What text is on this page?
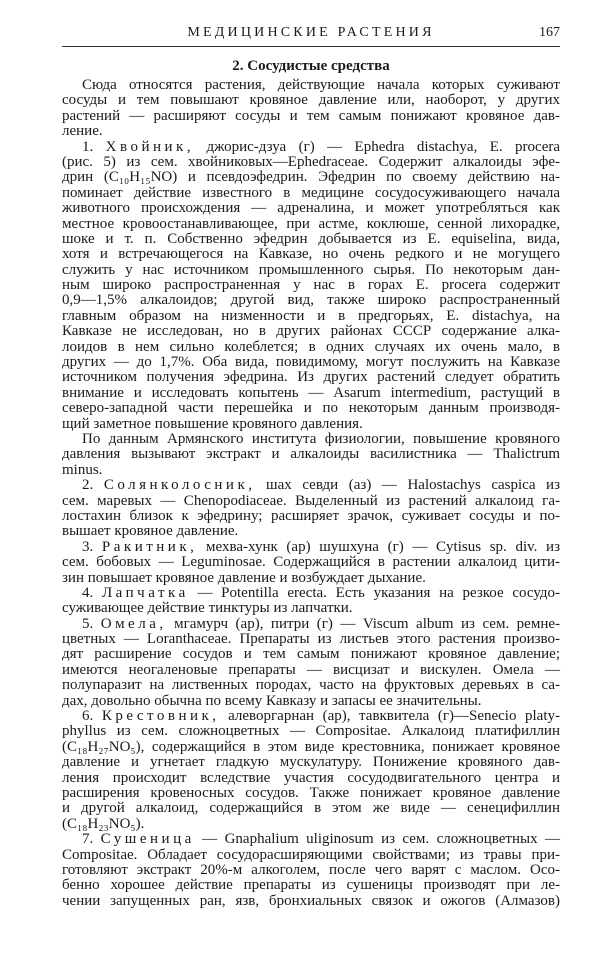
МЕДИЦИНСКИЕ РАСТЕНИЯ	167
2. Сосудистые средства
Сюда относятся растения, действующие начала которых суживают
сосуды и тем повышают кровяное давление или, наоборот, у других
растений — расширяют сосуды и тем самым понижают кровяное дав-
ление.
1. Хвойник, джорис-дзуа (г) — Ephedra distachya, E. procera
(рис. 5) из сем. хвойниковых—Ephedraceae. Содержит алкалоиды эфе-
дрин (C₁₀H₁₅NO) и псевдоэфедрин. Эфедрин по своему действию на-
поминает действие известного в медицине сосудосуживающего начала
животного происхождения — адреналина, и может употребляться как
местное кровоостанавливающее, при астме, коклюше, сенной лихорадке,
шоке и т. п. Собственно эфедрин добывается из E. equiselina, вида,
хотя и встречающегося на Кавказе, но очень редкого и не могущего
служить у нас источником промышленного сырья. По некоторым дан-
ным широко распространенная у нас в горах E. procera содержит
0,9—1,5% алкалоидов; другой вид, также широко распространенный
главным образом на низменности и в предгорьях, E. distachya, на
Кавказе не исследован, но в других районах СССР содержание алка-
лоидов в нем сильно колеблется; в одних случаях их очень мало, в
других — до 1,7%. Оба вида, повидимому, могут послужить на Кавказе
источником получения эфедрина. Из других растений следует обратить
внимание и исследовать копытень — Asarum intermedium, растущий в
северо-западной части перешейка и по некоторым данным производя-
щий заметное повышение кровяного давления.
По данным Армянского института физиологии, повышение кровяного
давления вызывают экстракт и алкалоиды василистника — Thalictrum
minus.
2. Солянколосник, шах севди (аз) — Halostachys caspica из
сем. маревых — Chenopodiaceae. Выделенный из растений алкалоид га-
лостахин близок к эфедрину; расширяет зрачок, суживает сосуды и по-
вышает кровяное давление.
3. Ракитник, мехва-хунк (ар) шушхуна (г) — Cytisus sp. div. из
сем. бобовых — Leguminosae. Содержащийся в растении алкалоид цити-
зин повышает кровяное давление и возбуждает дыхание.
4. Лапчатка — Potentilla erecta. Есть указания на резкое сосудо-
суживающее действие тинктуры из лапчатки.
5. Омела, мгамурч (ар), питри (г) — Viscum album из сем. ремне-
цветных — Loranthaceae. Препараты из листьев этого растения произво-
дят расширение сосудов и тем самым понижают кровяное давление;
имеются неогаленовые препараты — висцизат и вискулен. Омела —
полупаразит на лиственных породах, часто на фруктовых деревьях в са-
дах, довольно обычна по всему Кавказу и запасы ее значительны.
6. Крестовник, алеворгарнан (ар), тавквитела (г)—Senecio platy-
phyllus из сем. сложноцветных — Compositae. Алкалоид платифиллин
(C₁₈H₂₇NO₅), содержащийся в этом виде крестовника, понижает кровяное
давление и угнетает гладкую мускулатуру. Понижение кровяного дав-
ления происходит вследствие участия сосудодвигательного центра и
расширения кровеносных сосудов. Также понижает кровяное давление
и другой алкалоид, содержащийся в этом же виде — сенецифиллин
(C₁₈H₂₃NO₅).
7. Сушеница — Gnaphalium uliginosum из сем. сложноцветных —
Compositae. Обладает сосудорасширяющими свойствами; из травы при-
готовляют экстракт 20%-м алкоголем, после чего варят с маслом. Осо-
бенно хорошее действие препараты из сушеницы производят при ле-
чении запущенных ран, язв, бронхиальных связок и ожогов (Алмазов)
